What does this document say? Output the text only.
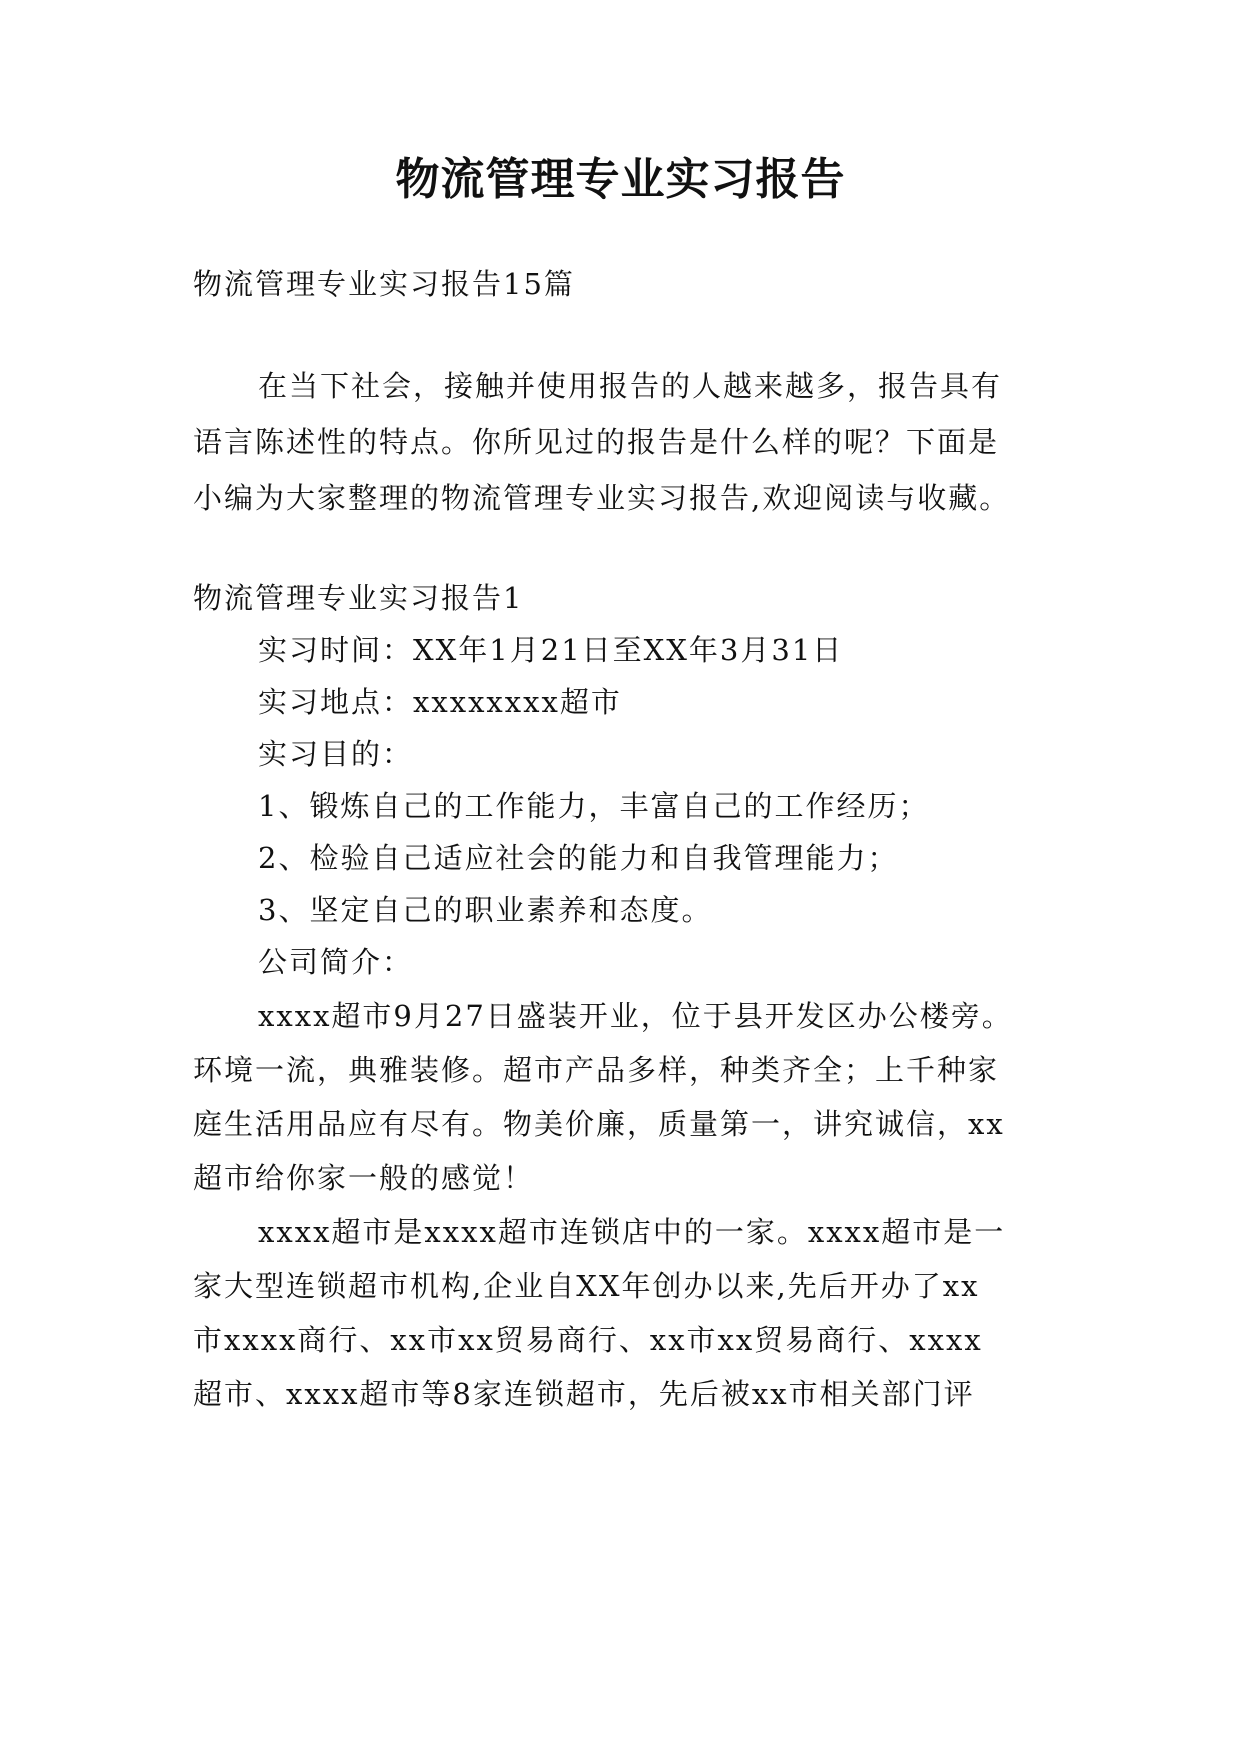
物流管理专业实习报告

物流管理专业实习报告15篇

在当下社会，接触并使用报告的人越来越多，报告具有

语言陈述性的特点。你所见过的报告是什么样的呢？下面是

小编为大家整理的物流管理专业实习报告,欢迎阅读与收藏。

物流管理专业实习报告1

实习时间：XX年1月21日至XX年3月31日

实习地点：xxxxxxxx超市

实习目的：

1、锻炼自己的工作能力，丰富自己的工作经历；

2、检验自己适应社会的能力和自我管理能力；

3、坚定自己的职业素养和态度。

公司简介：

xxxx超市9月27日盛装开业，位于县开发区办公楼旁。

环境一流，典雅装修。超市产品多样，种类齐全；上千种家

庭生活用品应有尽有。物美价廉，质量第一，讲究诚信，xx

超市给你家一般的感觉！

xxxx超市是xxxx超市连锁店中的一家。xxxx超市是一

家大型连锁超市机构,企业自XX年创办以来,先后开办了xx

市xxxx商行、xx市xx贸易商行、xx市xx贸易商行、xxxx

超市、xxxx超市等8家连锁超市，先后被xx市相关部门评
